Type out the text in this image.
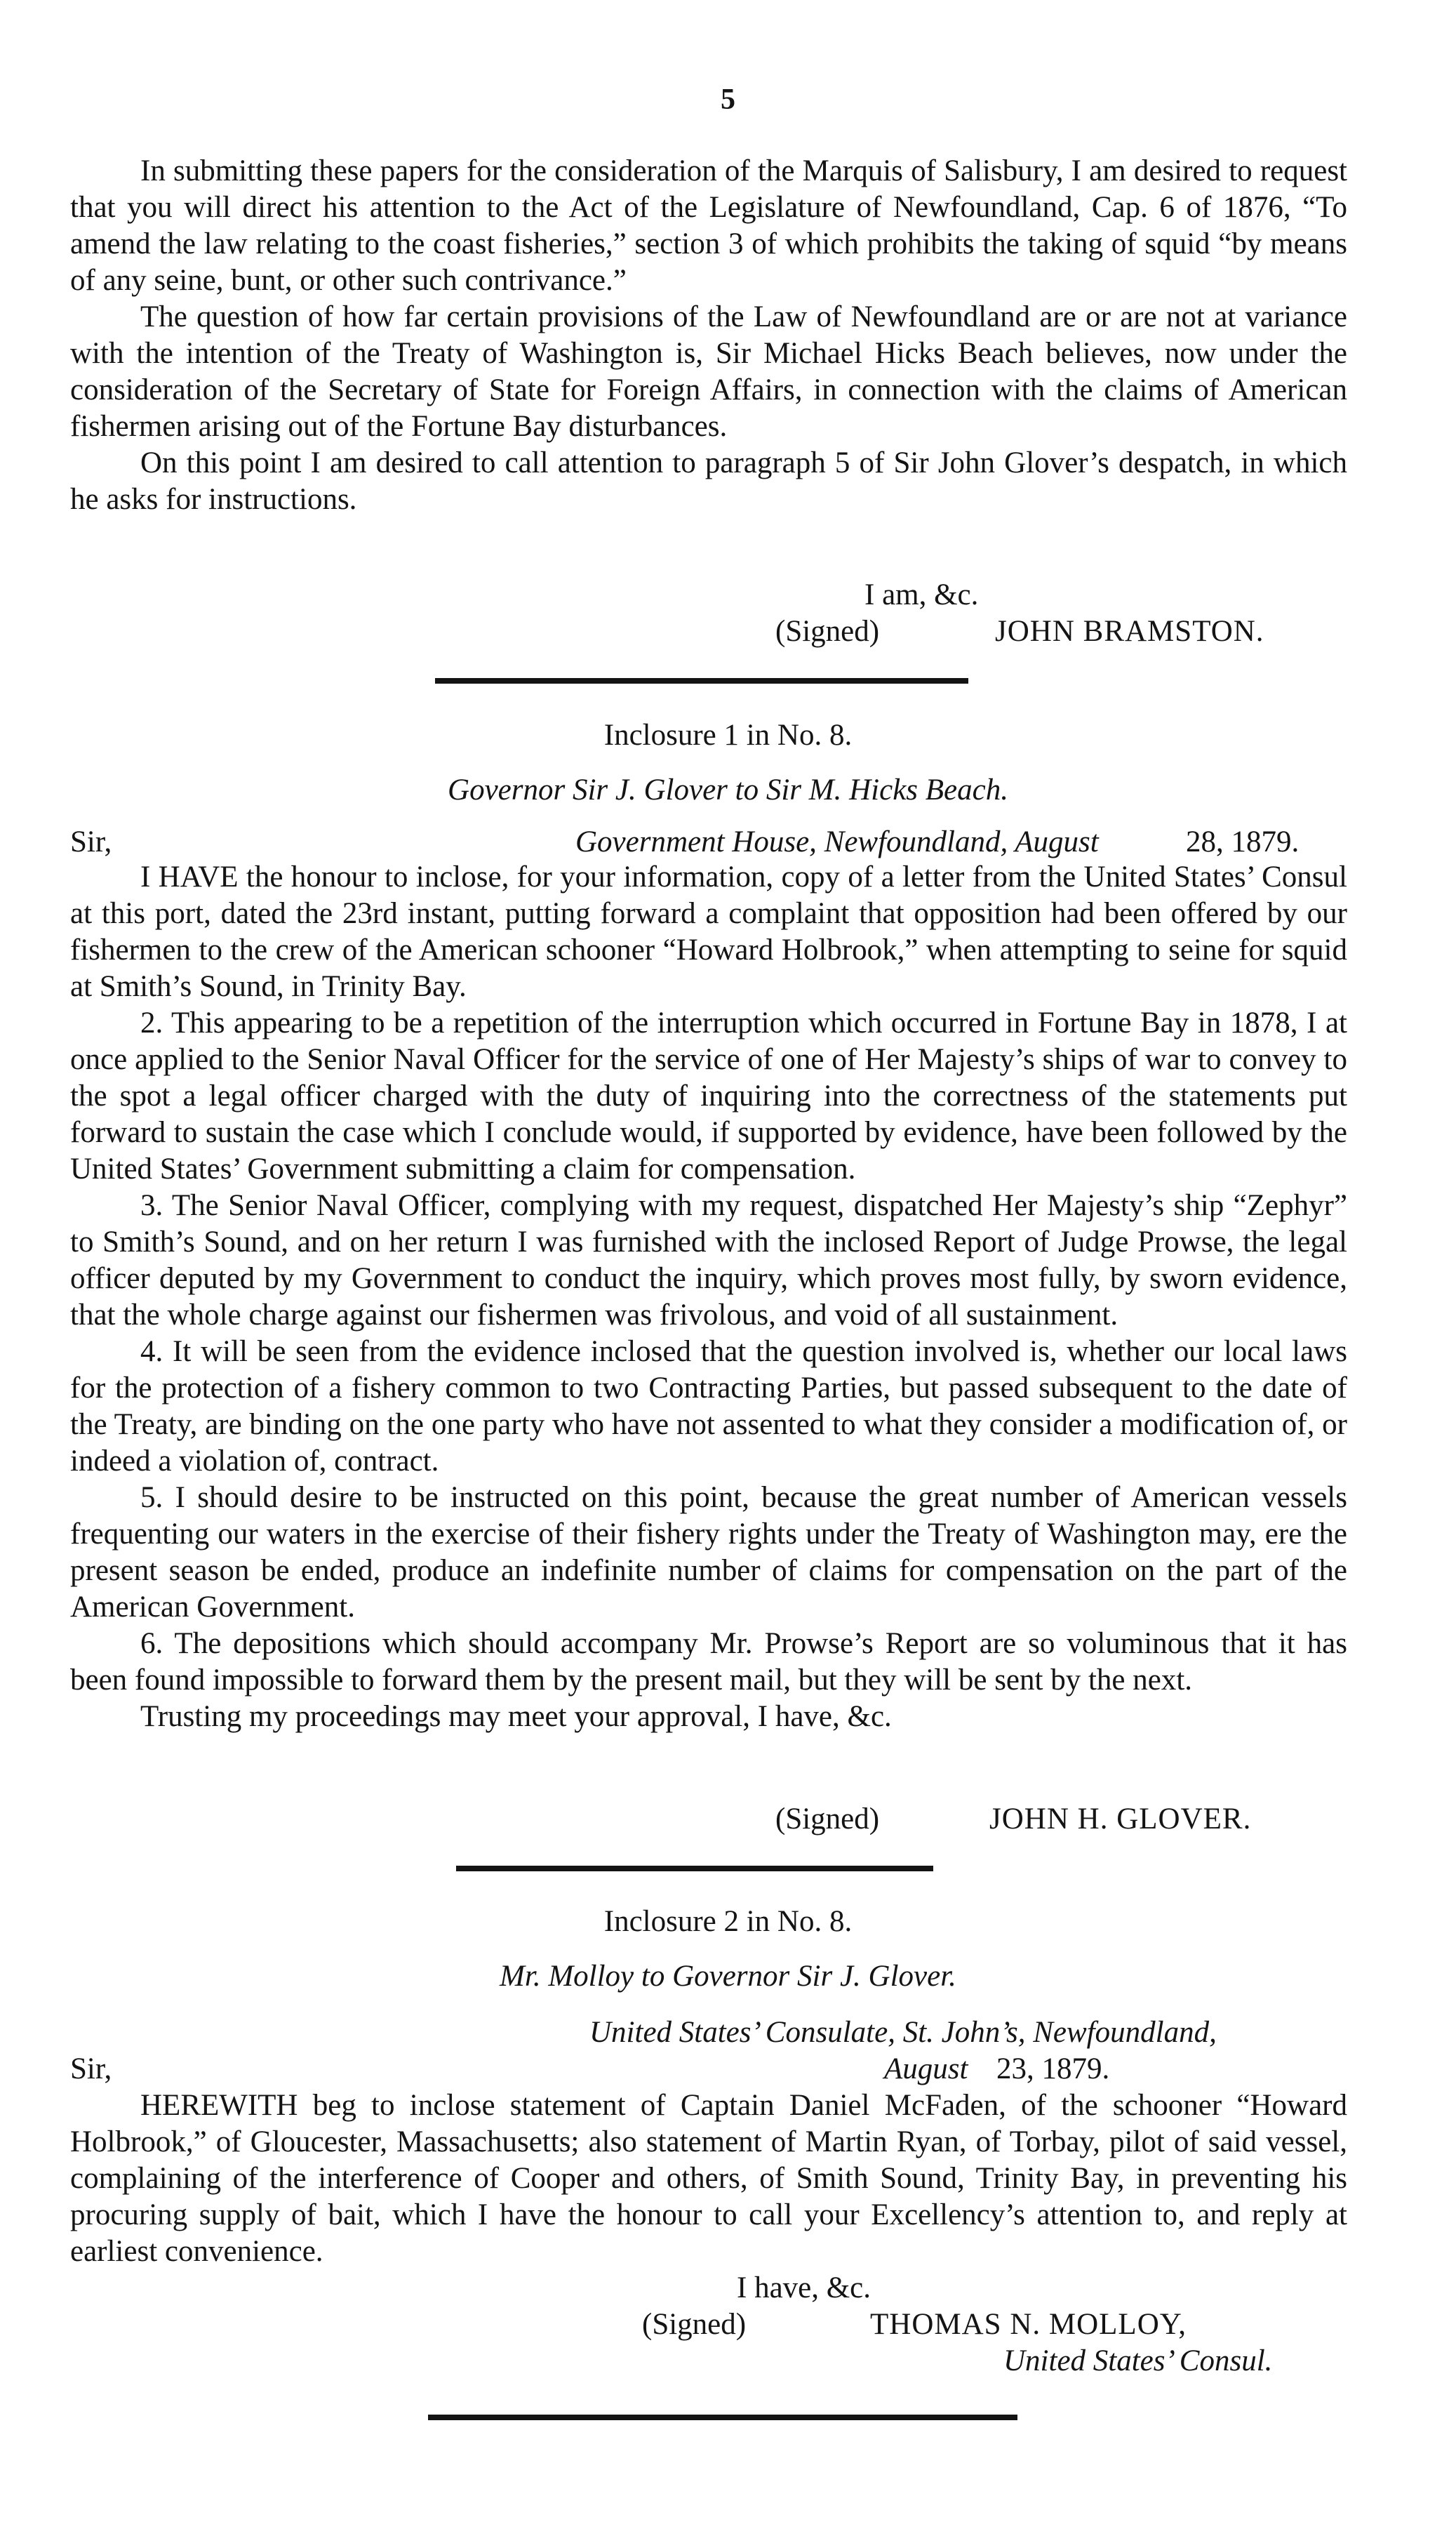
5

In submitting these papers for the consideration of the Marquis of Salisbury, I am desired to request that you will direct his attention to the Act of the Legislature of Newfoundland, Cap. 6 of 1876, “To amend the law relating to the coast fisheries,” section 3 of which prohibits the taking of squid “by means of any seine, bunt, or other such contrivance.”

The question of how far certain provisions of the Law of Newfoundland are or are not at variance with the intention of the Treaty of Washington is, Sir Michael Hicks Beach believes, now under the consideration of the Secretary of State for Foreign Affairs, in connection with the claims of American fishermen arising out of the Fortune Bay disturbances.

On this point I am desired to call attention to paragraph 5 of Sir John Glover’s despatch, in which he asks for instructions.

I am, &c.
(Signed)	JOHN BRAMSTON.
Inclosure 1 in No. 8.
Governor Sir J. Glover to Sir M. Hicks Beach.
Sir,	Government House, Newfoundland, August	28, 1879.

I HAVE the honour to inclose, for your information, copy of a letter from the United States’ Consul at this port, dated the 23rd instant, putting forward a complaint that opposition had been offered by our fishermen to the crew of the American schooner “Howard Holbrook,” when attempting to seine for squid at Smith’s Sound, in Trinity Bay.

2. This appearing to be a repetition of the interruption which occurred in Fortune Bay in 1878, I at once applied to the Senior Naval Officer for the service of one of Her Majesty’s ships of war to convey to the spot a legal officer charged with the duty of inquiring into the correctness of the statements put forward to sustain the case which I conclude would, if supported by evidence, have been followed by the United States’ Government submitting a claim for compensation.

3. The Senior Naval Officer, complying with my request, dispatched Her Majesty’s ship “Zephyr” to Smith’s Sound, and on her return I was furnished with the inclosed Report of Judge Prowse, the legal officer deputed by my Government to conduct the inquiry, which proves most fully, by sworn evidence, that the whole charge against our fishermen was frivolous, and void of all sustainment.

4. It will be seen from the evidence inclosed that the question involved is, whether our local laws for the protection of a fishery common to two Contracting Parties, but passed subsequent to the date of the Treaty, are binding on the one party who have not assented to what they consider a modification of, or indeed a violation of, contract.

5. I should desire to be instructed on this point, because the great number of American vessels frequenting our waters in the exercise of their fishery rights under the Treaty of Washington may, ere the present season be ended, produce an indefinite number of claims for compensation on the part of the American Government.

6. The depositions which should accompany Mr. Prowse’s Report are so voluminous that it has been found impossible to forward them by the present mail, but they will be sent by the next.

Trusting my proceedings may meet your approval, I have, &c.

(Signed)	JOHN H. GLOVER.
Inclosure 2 in No. 8.
Mr. Molloy to Governor Sir J. Glover.
United States’ Consulate, St. John’s, Newfoundland,
Sir,	August 23, 1879.

HEREWITH beg to inclose statement of Captain Daniel McFaden, of the schooner “Howard Holbrook,” of Gloucester, Massachusetts; also statement of Martin Ryan, of Torbay, pilot of said vessel, complaining of the interference of Cooper and others, of Smith Sound, Trinity Bay, in preventing his procuring supply of bait, which I have the honour to call your Excellency’s attention to, and reply at earliest convenience.

I have, &c.
(Signed)	THOMAS N. MOLLOY,
United States’ Consul.
